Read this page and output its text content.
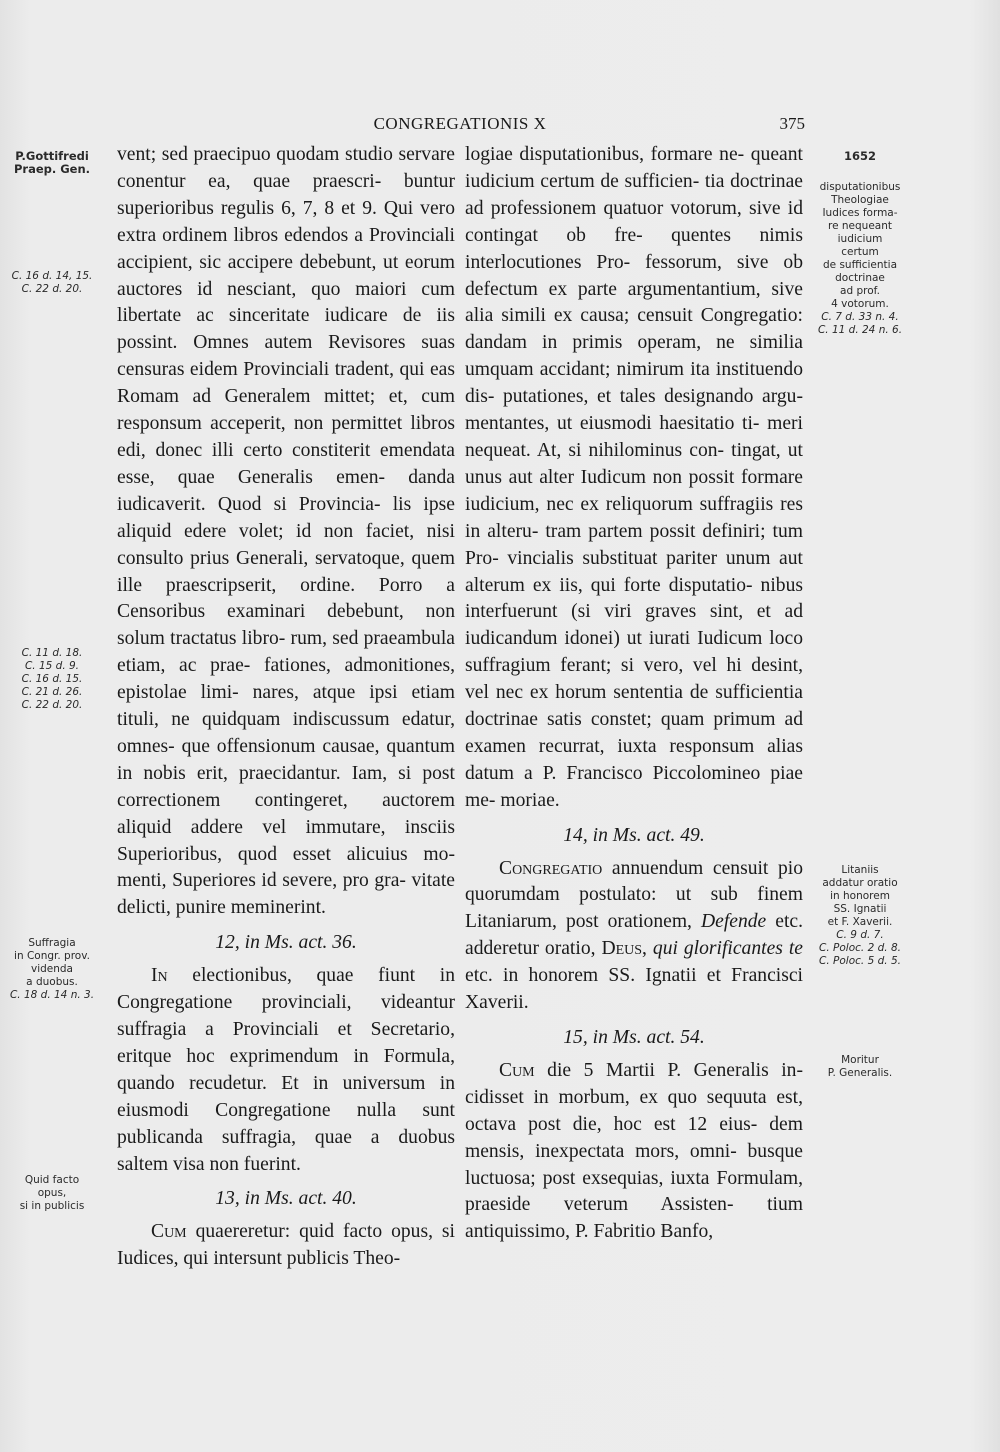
CONGREGATIONIS X	375
P.Gottifredi
Praep. Gen.
C. 16 d. 14, 15.
C. 22 d. 20.
C. 11 d. 18.
C. 15 d. 9.
C. 16 d. 15.
C. 21 d. 26.
C. 22 d. 20.
Suffragia
in Congr. prov.
videnda
a duobus.
C. 18 d. 14 n. 3.
Quid facto
opus,
si in publicis
1652
disputationibus
Theologiae
Iudices forma-
re nequeant
iudicium
certum
de sufficientia
doctrinae
ad prof.
4 votorum.
C. 7 d. 33 n. 4.
C. 11 d. 24 n. 6.
Litaniis
addatur oratio
in honorem
SS. Ignatii
et F. Xaverii.
C. 9 d. 7.
C. Poloc. 2 d. 8.
C. Poloc. 5 d. 5.
Moritur
P. Generalis.

vent; sed praecipuo quodam studio servare conentur ea, quae praescri- buntur superioribus regulis 6, 7, 8 et 9. Qui vero extra ordinem libros edendos a Provinciali accipient, sic accipere debebunt, ut eorum auctores id nesciant, quo maiori cum libertate ac sinceritate iudicare de iis possint. Omnes autem Revisores suas censuras eidem Provinciali tradent, qui eas Romam ad Generalem mittet; et, cum responsum acceperit, non permittet libros edi, donec illi certo constiterit emendata esse, quae Generalis emen- danda iudicaverit. Quod si Provincia- lis ipse aliquid edere volet; id non faciet, nisi consulto prius Generali, servatoque, quem ille praescripserit, ordine. Porro a Censoribus examinari debebunt, non solum tractatus libro- rum, sed praeambula etiam, ac prae- fationes, admonitiones, epistolae limi- nares, atque ipsi etiam tituli, ne quidquam indiscussum edatur, omnes- que offensionum causae, quantum in nobis erit, praecidantur. Iam, si post correctionem contingeret, auctorem aliquid addere vel immutare, insciis Superioribus, quod esset alicuius mo- menti, Superiores id severe, pro gra- vitate delicti, punire meminerint.

12, in Ms. act. 36.

In electionibus, quae fiunt in Congregatione provinciali, videantur suffragia a Provinciali et Secretario, eritque hoc exprimendum in Formula, quando recudetur. Et in universum in eiusmodi Congregatione nulla sunt publicanda suffragia, quae a duobus saltem visa non fuerint.

13, in Ms. act. 40.

Cum quaereretur: quid facto opus, si Iudices, qui intersunt publicis Theo-

logiae disputationibus, formare ne- queant iudicium certum de sufficien- tia doctrinae ad professionem quatuor votorum, sive id contingat ob fre- quentes nimis interlocutiones Pro- fessorum, sive ob defectum ex parte argumentantium, sive alia simili ex causa; censuit Congregatio: dandam in primis operam, ne similia umquam accidant; nimirum ita instituendo dis- putationes, et tales designando argu- mentantes, ut eiusmodi haesitatio ti- meri nequeat. At, si nihilominus con- tingat, ut unus aut alter Iudicum non possit formare iudicium, nec ex reliquorum suffragiis res in alteru- tram partem possit definiri; tum Pro- vincialis substituat pariter unum aut alterum ex iis, qui forte disputatio- nibus interfuerunt (si viri graves sint, et ad iudicandum idonei) ut iurati Iudicum loco suffragium ferant; si vero, vel hi desint, vel nec ex horum sententia de sufficientia doctrinae satis constet; quam primum ad examen recurrat, iuxta responsum alias datum a P. Francisco Piccolomineo piae me- moriae.

14, in Ms. act. 49.

Congregatio annuendum censuit pio quorumdam postulato: ut sub finem Litaniarum, post orationem, Defende etc. adderetur oratio, Deus, qui glorificantes te etc. in honorem SS. Ignatii et Francisci Xaverii.

15, in Ms. act. 54.

Cum die 5 Martii P. Generalis in- cidisset in morbum, ex quo sequuta est, octava post die, hoc est 12 eius- dem mensis, inexpectata mors, omni- busque luctuosa; post exsequias, iuxta Formulam, praeside veterum Assisten- tium antiquissimo, P. Fabritio Banfo,
